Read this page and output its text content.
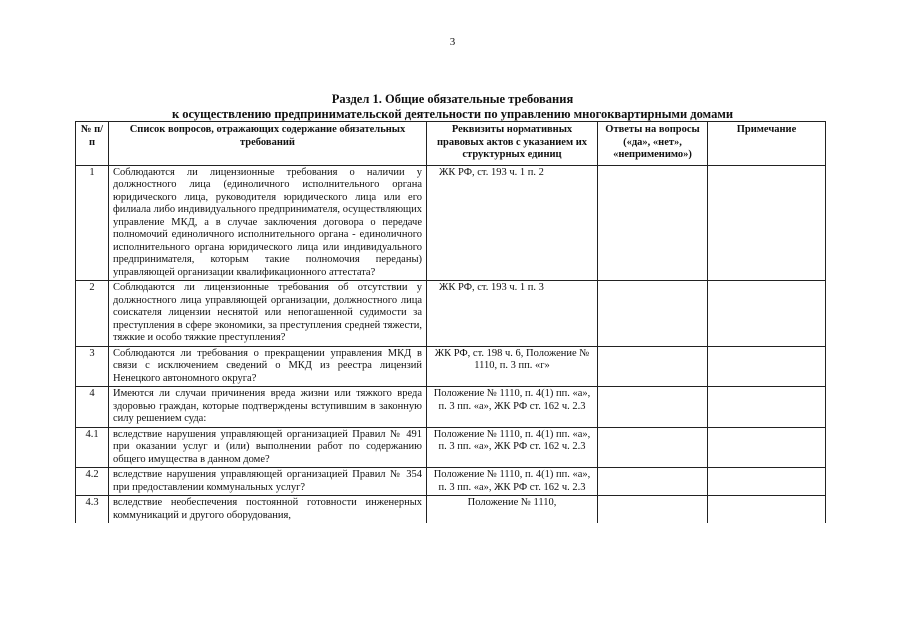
3
Раздел 1. Общие обязательные требования
к осуществлению предпринимательской деятельности по управлению многоквартирными домами
№ п/п	Список вопросов, отражающих содержание обязательных требований	Реквизиты нормативных правовых актов с указанием их структурных единиц	Ответы на вопросы («да», «нет», «неприменимо»)	Примечание
1	Соблюдаются ли лицензионные требования о наличии у должностного лица (единоличного исполнительного органа юридического лица, руководителя юридического лица или его филиала либо индивидуального предпринимателя, осуществляющих управление МКД, а в случае заключения договора о передаче полномочий единоличного исполнительного органа - единоличного исполнительного органа юридического лица или индивидуального предпринимателя, которым такие полномочия переданы) управляющей организации квалификационного аттестата?	ЖК РФ, ст. 193 ч. 1 п. 2		
2	Соблюдаются ли лицензионные требования об отсутствии у должностного лица управляющей организации, должностного лица соискателя лицензии неснятой или непогашенной судимости за преступления в сфере экономики, за преступления средней тяжести, тяжкие и особо тяжкие преступления?	ЖК РФ, ст. 193 ч. 1 п. 3		
3	Соблюдаются ли требования о прекращении управления МКД в связи с исключением сведений о МКД из реестра лицензий Ненецкого автономного округа?	ЖК РФ, ст. 198 ч. 6, Положение № 1110, п. 3 пп. «г»		
4	Имеются ли случаи причинения вреда жизни или тяжкого вреда здоровью граждан, которые подтверждены вступившим в законную силу решением суда:	Положение № 1110, п. 4(1) пп. «а», п. 3 пп. «а», ЖК РФ ст. 162 ч. 2.3		
4.1	вследствие нарушения управляющей организацией Правил № 491 при оказании услуг и (или) выполнении работ по содержанию общего имущества в данном доме?	Положение № 1110, п. 4(1) пп. «а», п. 3 пп. «а», ЖК РФ ст. 162 ч. 2.3		
4.2	вследствие нарушения управляющей организацией Правил № 354 при предоставлении коммунальных услуг?	Положение № 1110, п. 4(1) пп. «а», п. 3 пп. «а», ЖК РФ ст. 162 ч. 2.3		
4.3	вследствие необеспечения постоянной готовности инженерных коммуникаций и другого оборудования,	Положение № 1110,		
